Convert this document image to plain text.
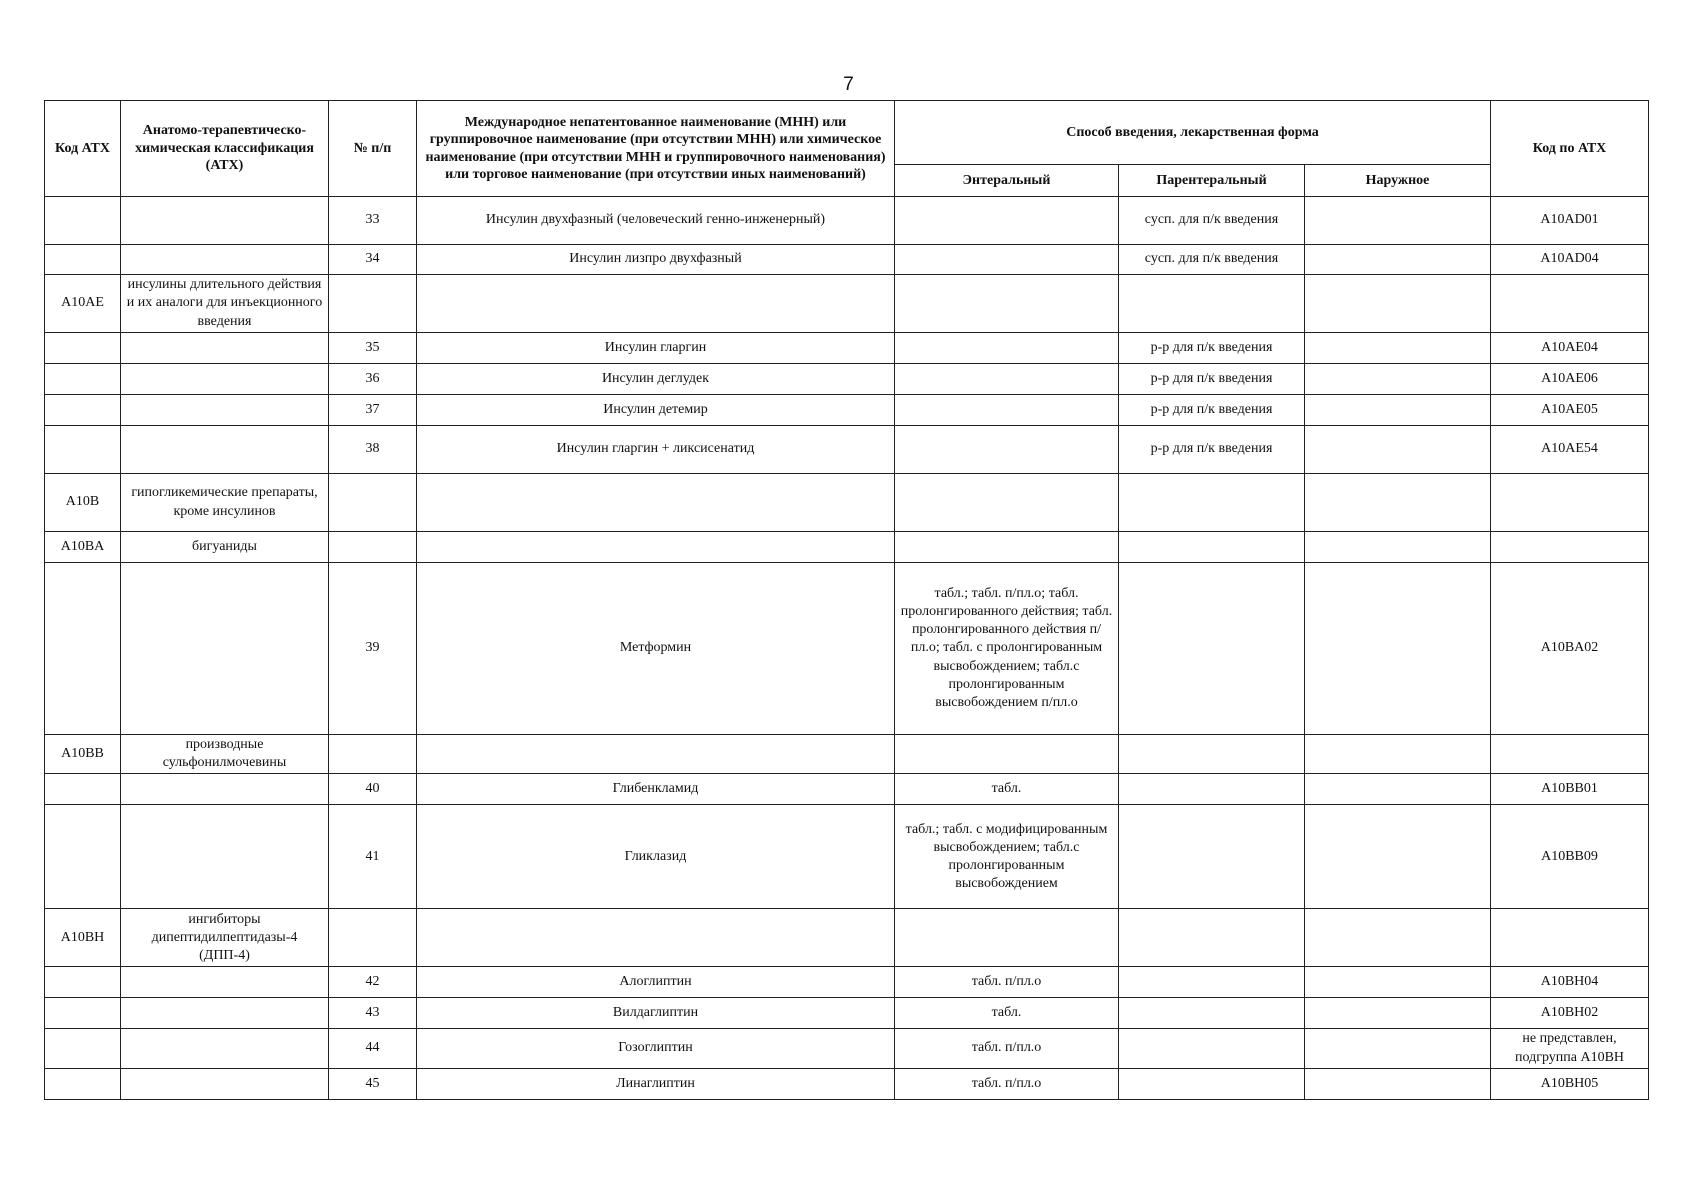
7
Код АТХ	Анатомо-терапевтическо-химическая классификация (АТХ)	№ п/п	Международное непатентованное наименование (МНН) или группировочное наименование (при отсутствии МНН) или химическое наименование (при отсутствии МНН и группировочного наименования) или торговое наименование (при отсутствии иных наименований)	Способ введения, лекарственная форма			Код по АТХ
				Энтеральный	Парентеральный	Наружное	
		33	Инсулин двухфазный (человеческий генно-инженерный)		сусп. для п/к введения		A10AD01
		34	Инсулин лизпро двухфазный		сусп. для п/к введения		A10AD04
A10AE	инсулины длительного действия и их аналоги для инъекционного введения						
		35	Инсулин гларгин		р-р для п/к введения		A10AE04
		36	Инсулин деглудек		р-р для п/к введения		A10AE06
		37	Инсулин детемир		р-р для п/к введения		A10AE05
		38	Инсулин гларгин + ликсисенатид		р-р для п/к введения		A10AE54
A10B	гипогликемические препараты, кроме инсулинов						
A10BA	бигуаниды						
		39	Метформин	табл.; табл. п/пл.о; табл. пролонгированного действия; табл. пролонгированного действия п/пл.о; табл. с пролонгированным высвобождением; табл.с пролонгированным высвобождением п/пл.о			A10BA02
A10BB	производные сульфонилмочевины						
		40	Глибенкламид	табл.			A10BB01
		41	Гликлазид	табл.; табл. с модифицированным высвобождением; табл.с пролонгированным высвобождением			A10BB09
A10BH	ингибиторы дипептидилпептидазы-4 (ДПП-4)						
		42	Алоглиптин	табл. п/пл.о			A10BH04
		43	Вилдаглиптин	табл.			A10BH02
		44	Гозоглиптин	табл. п/пл.о			не представлен, подгруппа A10BH
		45	Линаглиптин	табл. п/пл.о			A10BH05
